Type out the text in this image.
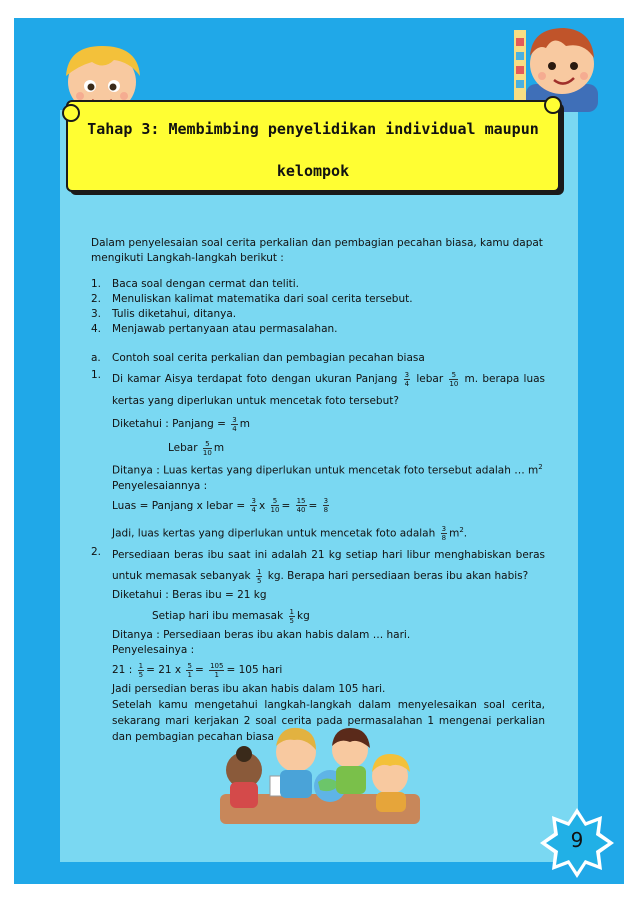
Tahap 3: Membimbing penyelidikan individual maupun
kelompok

Dalam penyelesaian soal cerita perkalian dan pembagian pecahan biasa, kamu dapat mengikuti Langkah-langkah berikut :

1.	Baca soal dengan cermat dan teliti.
2.	Menuliskan kalimat matematika dari soal cerita tersebut.
3.	Tulis diketahui, ditanya.
4.	Menjawab pertanyaan atau permasalahan.
a.	Contoh soal cerita perkalian dan pembagian pecahan biasa
1.	Di kamar Aisya terdapat foto dengan ukuran Panjang $\frac{3}{4}$ lebar $\frac{5}{10} m$. berapa luas kertas yang diperlukan untuk mencetak foto tersebut?

Diketahui : Panjang = $\frac{3}{4}$ m

Lebar $\frac{5}{10}$ m

Ditanya : Luas kertas yang diperlukan untuk mencetak foto tersebut adalah … $m^2$

Penyelesaiannya :

Luas = Panjang x lebar = $\frac{3}{4}$ x $\frac{5}{10} = \frac{15}{40} = \frac{3}{8}$

Jadi, luas kertas yang diperlukan untuk mencetak foto adalah $\frac{3}{8} m^2$.

2.	Persediaan beras ibu saat ini adalah 21 kg setiap hari libur menghabiskan beras untuk memasak sebanyak $\frac{1}{5}$ kg. Berapa hari persediaan beras ibu akan habis?

Diketahui : Beras ibu = 21 kg

Setiap hari ibu memasak $\frac{1}{5}$ kg

Ditanya : Persediaan beras ibu akan habis dalam … hari.

Penyelesainya :

21 : $\frac{1}{5} = 21$ x $\frac{5}{1} = \frac{105}{1} = 105$ hari

Jadi persedian beras ibu akan habis dalam 105 hari.

Setelah kamu mengetahui langkah-langkah dalam menyelesaikan soal cerita, sekarang mari kerjakan 2 soal cerita pada permasalahan 1 mengenai perkalian dan pembagian pecahan biasa

9
